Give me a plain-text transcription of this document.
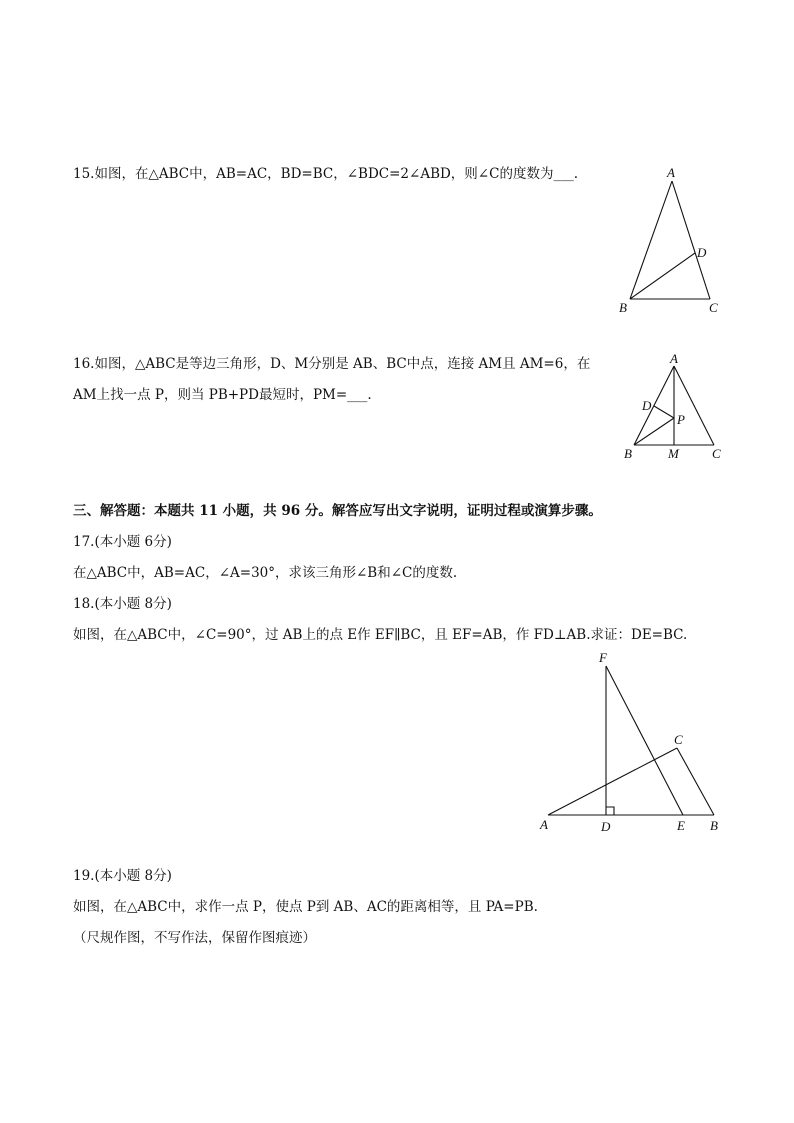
15.如图，在△ABC中，AB=AC，BD=BC，∠BDC=2∠ABD，则∠C的度数为___.	A
D
B	C
16.如图，△ABC是等边三角形，D、M分别是 AB、BC中点，连接 AM且 AM=6，在
AM上找一点 P，则当 PB+PD最短时，PM=___.
A
D
P
B	M	C
三、解答题：本题共 11 小题，共 96 分。解答应写出文字说明，证明过程或演算步骤。
17.(本小题 6分)
在△ABC中，AB=AC，∠A=30°，求该三角形∠B和∠C的度数.
18.(本小题 8分)
如图，在△ABC中，∠C=90°，过 AB上的点 E作 EF∥BC，且 EF=AB，作 FD⊥AB.求证：DE=BC.
F
C
A	D	E B
19.(本小题 8分)
如图，在△ABC中，求作一点 P，使点 P到 AB、AC的距离相等，且 PA=PB.
（尺规作图，不写作法，保留作图痕迹）
